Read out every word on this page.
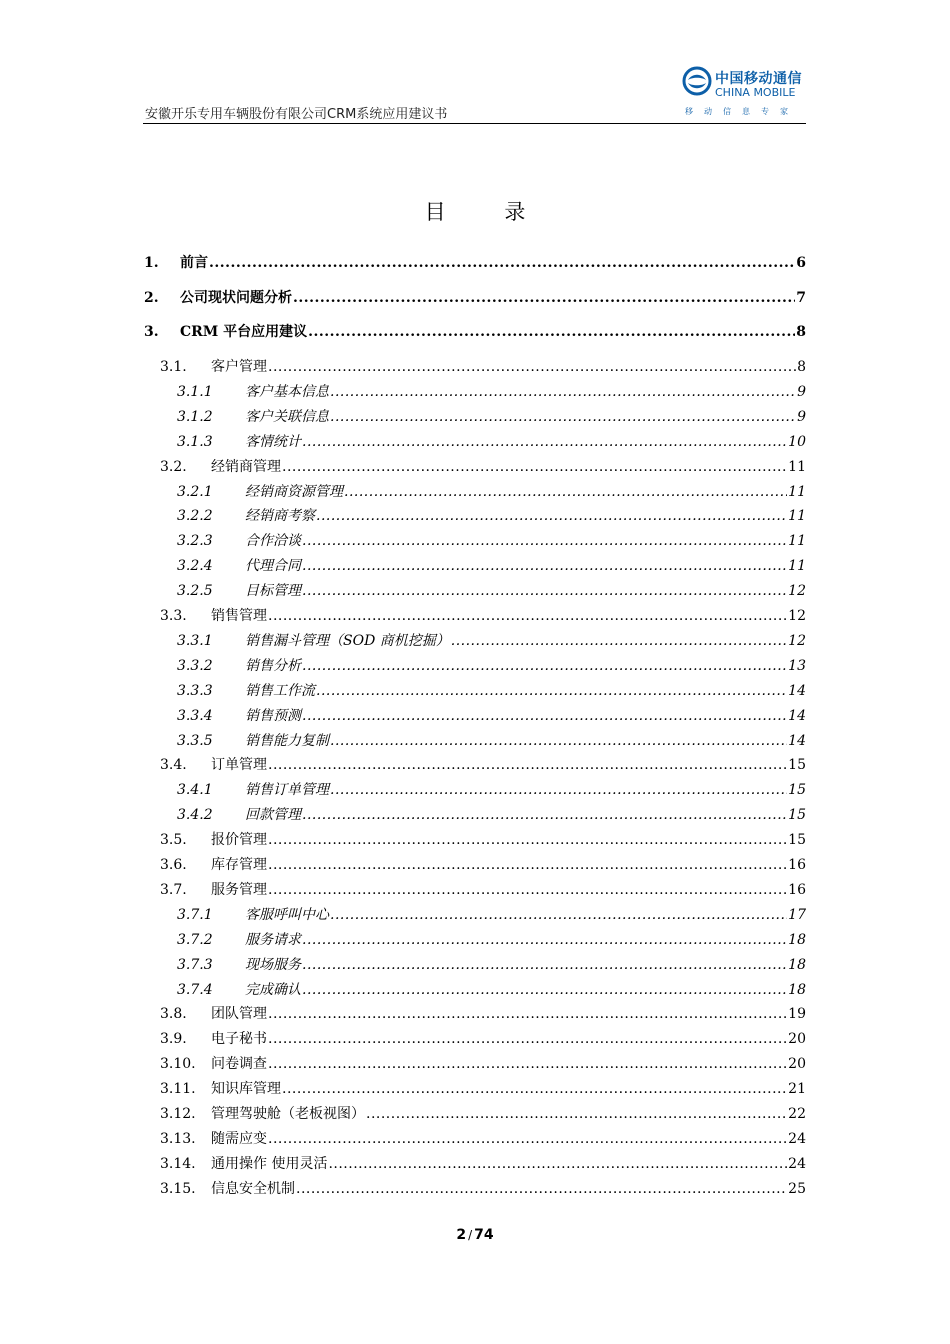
安徽开乐专用车辆股份有限公司CRM系统应用建议书
中国移动通信
CHINA MOBILE
移动信息专家
目 录
1.	前言 .....	6
2.	公司现状问题分析 .....	7
3.	CRM 平台应用建议 .....	8
3.1.	客户管理 .....	8
3.1.1	客户基本信息 .....	9
3.1.2	客户关联信息 .....	9
3.1.3	客情统计 .....	10
3.2.	经销商管理 .....	11
3.2.1	经销商资源管理 .....	11
3.2.2	经销商考察 .....	11
3.2.3	合作洽谈 .....	11
3.2.4	代理合同 .....	11
3.2.5	目标管理 .....	12
3.3.	销售管理 .....	12
3.3.1	销售漏斗管理（SOD 商机挖掘） .....	12
3.3.2	销售分析 .....	13
3.3.3	销售工作流 .....	14
3.3.4	销售预测 .....	14
3.3.5	销售能力复制 .....	14
3.4.	订单管理 .....	15
3.4.1	销售订单管理 .....	15
3.4.2	回款管理 .....	15
3.5.	报价管理 .....	15
3.6.	库存管理 .....	16
3.7.	服务管理 .....	16
3.7.1	客服呼叫中心 .....	17
3.7.2	服务请求 .....	18
3.7.3	现场服务 .....	18
3.7.4	完成确认 .....	18
3.8.	团队管理 .....	19
3.9.	电子秘书 .....	20
3.10.	问卷调查 .....	20
3.11.	知识库管理 .....	21
3.12.	管理驾驶舱（老板视图） .....	22
3.13.	随需应变 .....	24
3.14.	通用操作 使用灵活 .....	24
3.15.	信息安全机制 .....	25
2 / 74
